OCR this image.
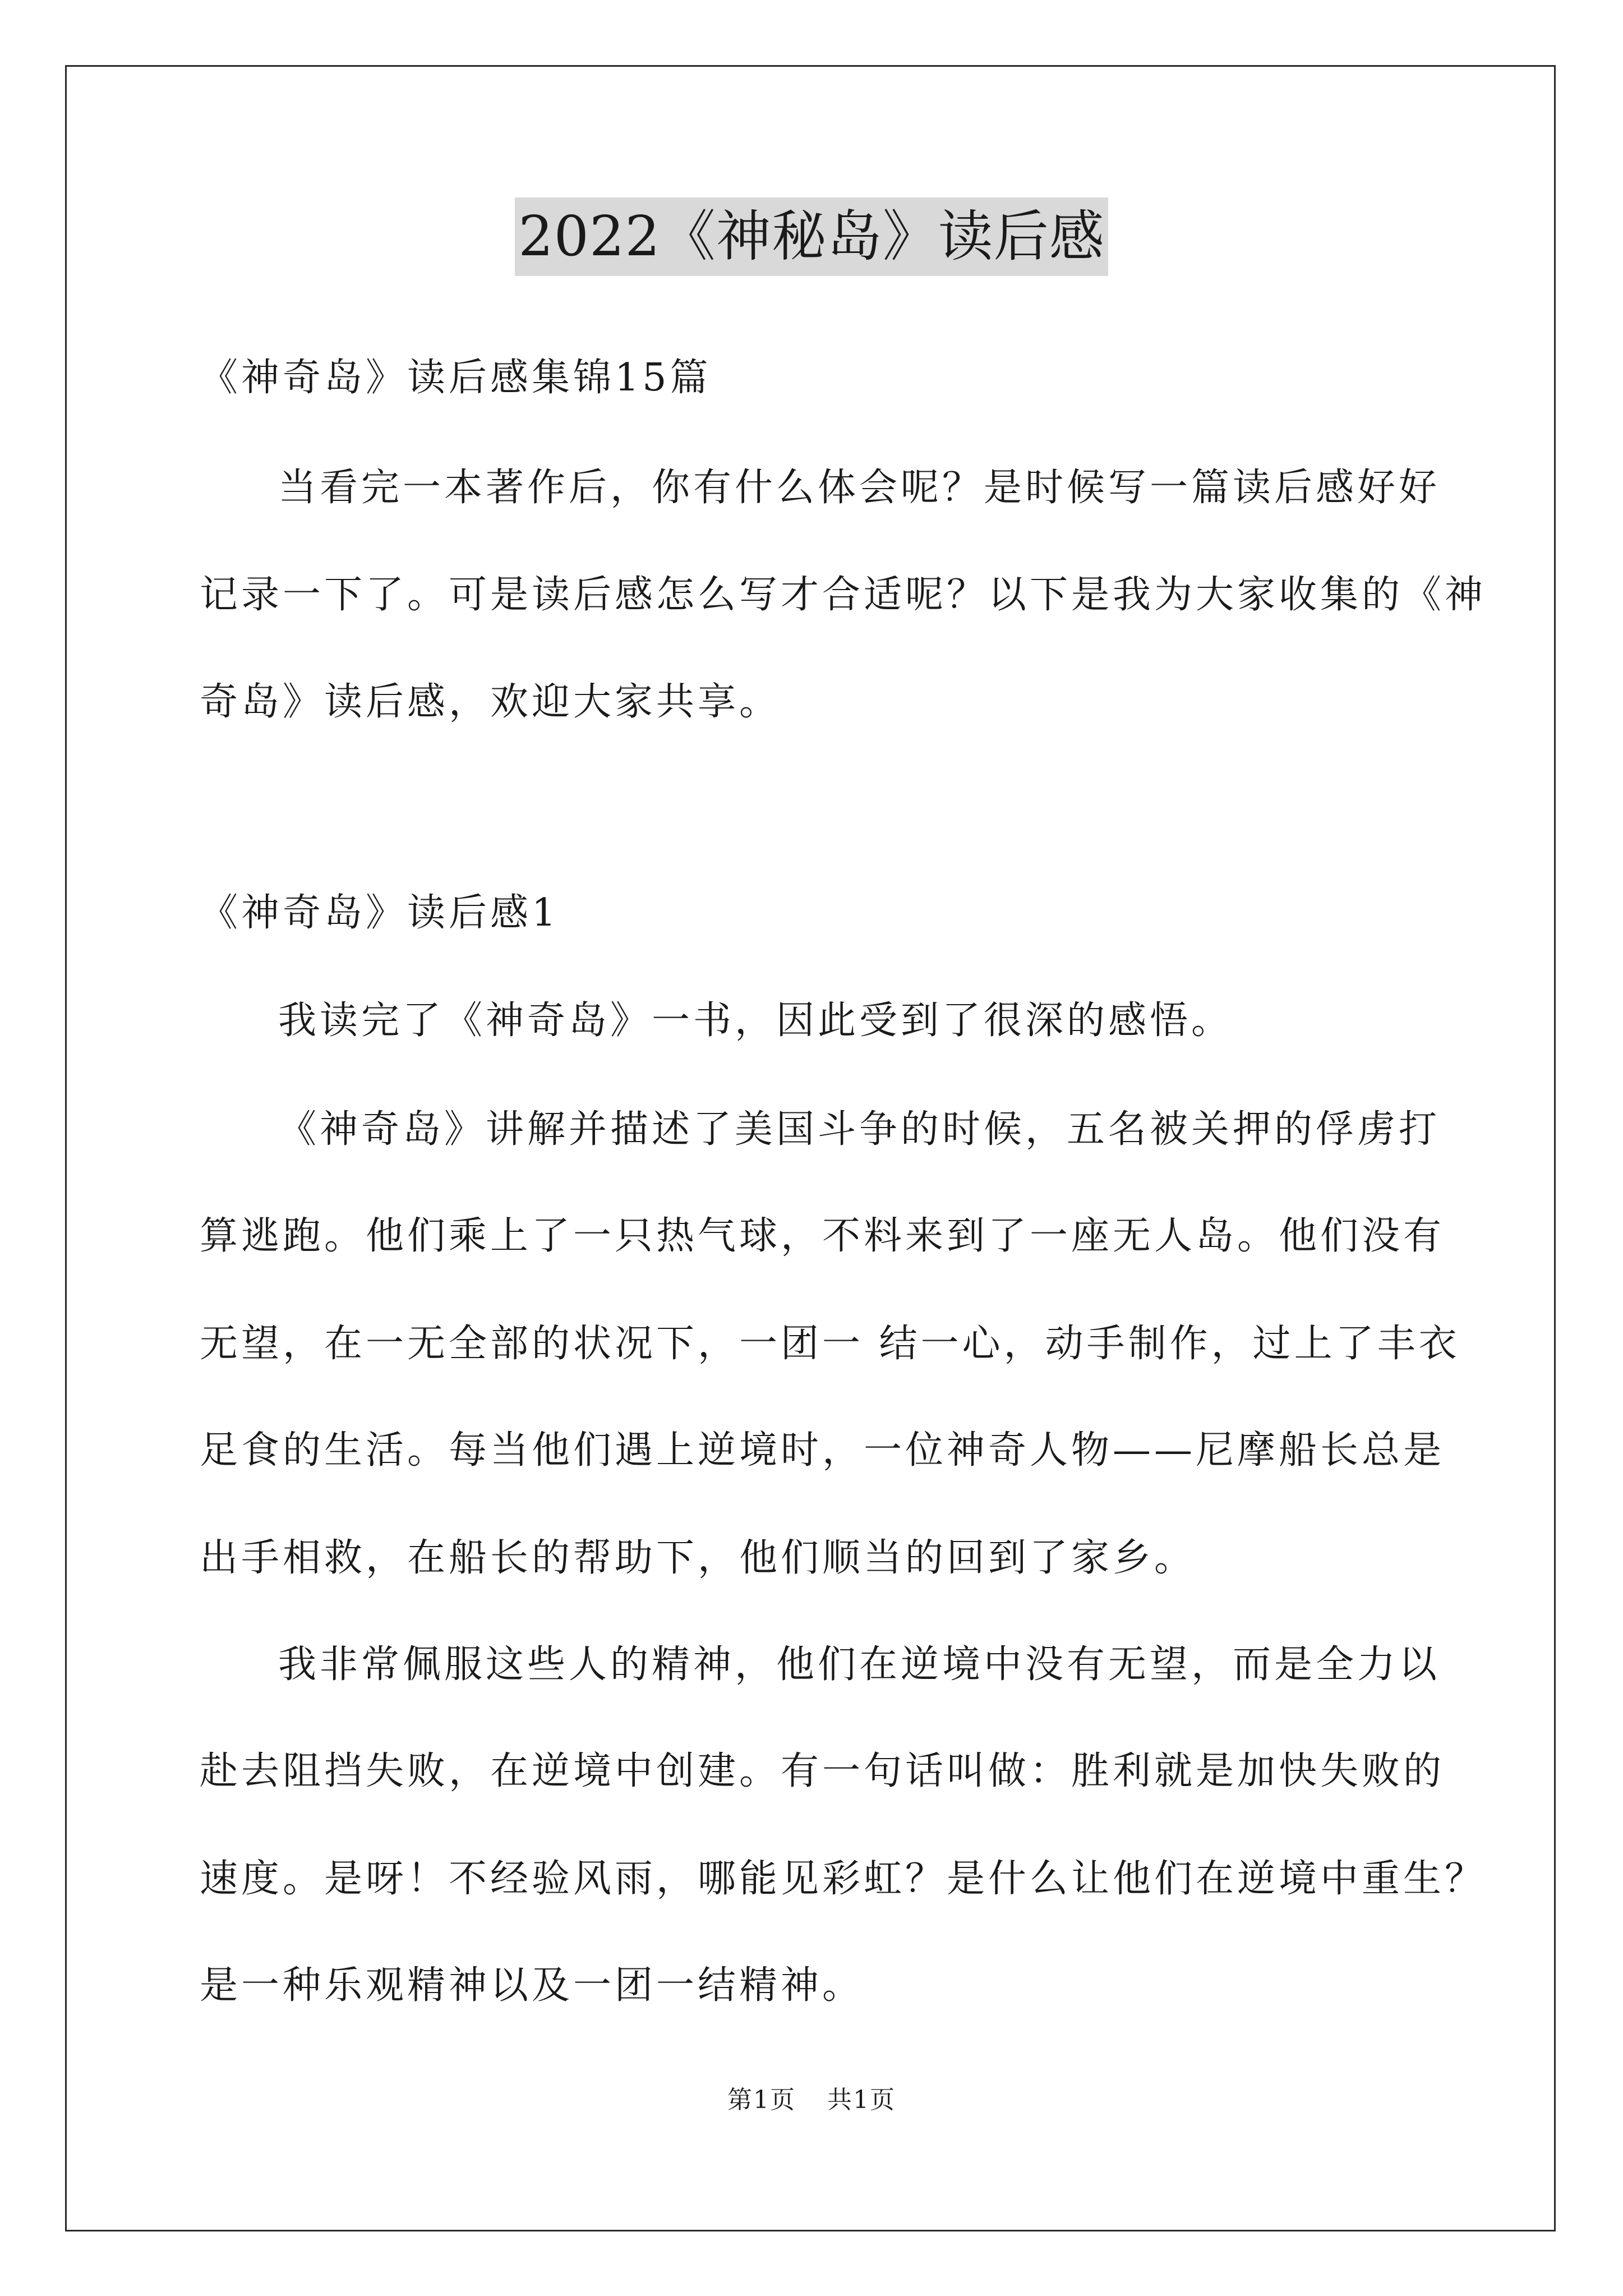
2022《神秘岛》读后感
《神奇岛》读后感集锦15篇
当看完一本著作后，你有什么体会呢？是时候写一篇读后感好好
记录一下了。可是读后感怎么写才合适呢？以下是我为大家收集的《神
奇岛》读后感，欢迎大家共享。
《神奇岛》读后感1
我读完了《神奇岛》一书，因此受到了很深的感悟。
《神奇岛》讲解并描述了美国斗争的时候，五名被关押的俘虏打
算逃跑。他们乘上了一只热气球，不料来到了一座无人岛。他们没有
无望，在一无全部的状况下，一团一 结一心，动手制作，过上了丰衣
足食的生活。每当他们遇上逆境时，一位神奇人物——尼摩船长总是
出手相救，在船长的帮助下，他们顺当的回到了家乡。
我非常佩服这些人的精神，他们在逆境中没有无望，而是全力以
赴去阻挡失败，在逆境中创建。有一句话叫做：胜利就是加快失败的
速度。是呀！不经验风雨，哪能见彩虹？是什么让他们在逆境中重生？
是一种乐观精神以及一团一结精神。
第1页 共1页
